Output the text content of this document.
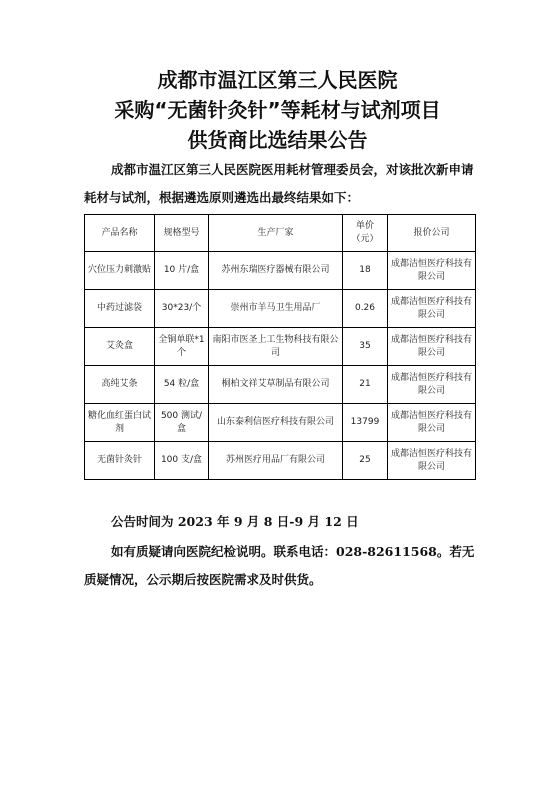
成都市温江区第三人民医院
采购“无菌针灸针”等耗材与试剂项目
供货商比选结果公告

成都市温江区第三人民医院医用耗材管理委员会，对该批次新申请耗材与试剂，根据遴选原则遴选出最终结果如下：

产品名称	规格型号	生产厂家	单价（元）	报价公司
穴位压力刺激贴	10 片/盒	苏州东瑞医疗器械有限公司	18	成都洁恒医疗科技有限公司
中药过滤袋	30*23/个	崇州市羊马卫生用品厂	0.26	成都洁恒医疗科技有限公司
艾灸盒	全铜单联*1个	南阳市医圣上工生物科技有限公司	35	成都洁恒医疗科技有限公司
高纯艾条	54 粒/盒	桐柏文祥艾草制品有限公司	21	成都洁恒医疗科技有限公司
糖化血红蛋白试剂	500 测试/盒	山东泰利信医疗科技有限公司	13799	成都洁恒医疗科技有限公司
无菌针灸针	100 支/盒	苏州医疗用品厂有限公司	25	成都洁恒医疗科技有限公司

公告时间为 2023 年 9 月 8 日-9 月 12 日

如有质疑请向医院纪检说明。联系电话：028-82611568。若无质疑情况，公示期后按医院需求及时供货。
